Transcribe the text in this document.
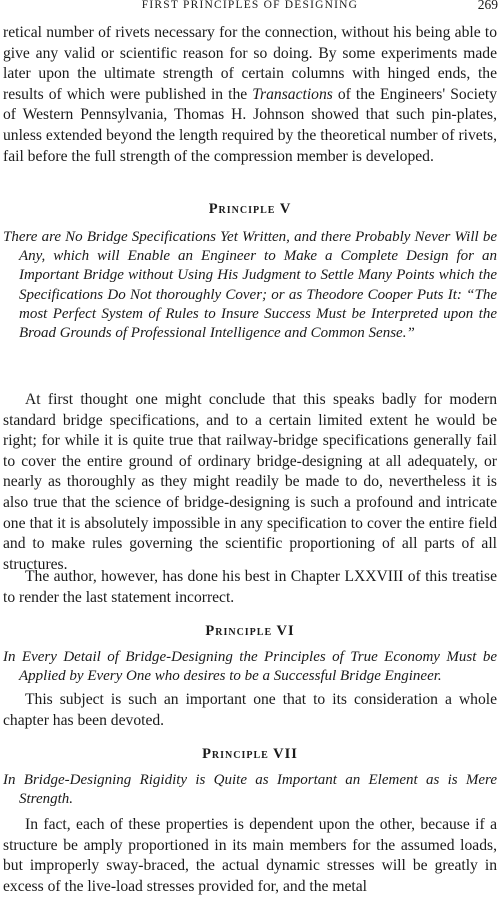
FIRST PRINCIPLES OF DESIGNING	269

retical number of rivets necessary for the connection, without his being able to give any valid or scientific reason for so doing. By some experiments made later upon the ultimate strength of certain columns with hinged ends, the results of which were published in the Transactions of the Engineers' Society of Western Pennsylvania, Thomas H. Johnson showed that such pin-plates, unless extended beyond the length required by the theoretical number of rivets, fail before the full strength of the compression member is developed.

Principle V

There are No Bridge Specifications Yet Written, and there Probably Never Will be Any, which will Enable an Engineer to Make a Complete Design for an Important Bridge without Using His Judgment to Settle Many Points which the Specifications Do Not thoroughly Cover; or as Theodore Cooper Puts It: “The most Perfect System of Rules to Insure Success Must be Interpreted upon the Broad Grounds of Professional Intelligence and Common Sense.”

At first thought one might conclude that this speaks badly for modern standard bridge specifications, and to a certain limited extent he would be right; for while it is quite true that railway-bridge specifications generally fail to cover the entire ground of ordinary bridge-designing at all adequately, or nearly as thoroughly as they might readily be made to do, nevertheless it is also true that the science of bridge-designing is such a profound and intricate one that it is absolutely impossible in any specification to cover the entire field and to make rules governing the scientific proportioning of all parts of all structures.

The author, however, has done his best in Chapter LXXVIII of this treatise to render the last statement incorrect.

Principle VI

In Every Detail of Bridge-Designing the Principles of True Economy Must be Applied by Every One who desires to be a Successful Bridge Engineer.

This subject is such an important one that to its consideration a whole chapter has been devoted.

Principle VII

In Bridge-Designing Rigidity is Quite as Important an Element as is Mere Strength.

In fact, each of these properties is dependent upon the other, because if a structure be amply proportioned in its main members for the assumed loads, but improperly sway-braced, the actual dynamic stresses will be greatly in excess of the live-load stresses provided for, and the metal
